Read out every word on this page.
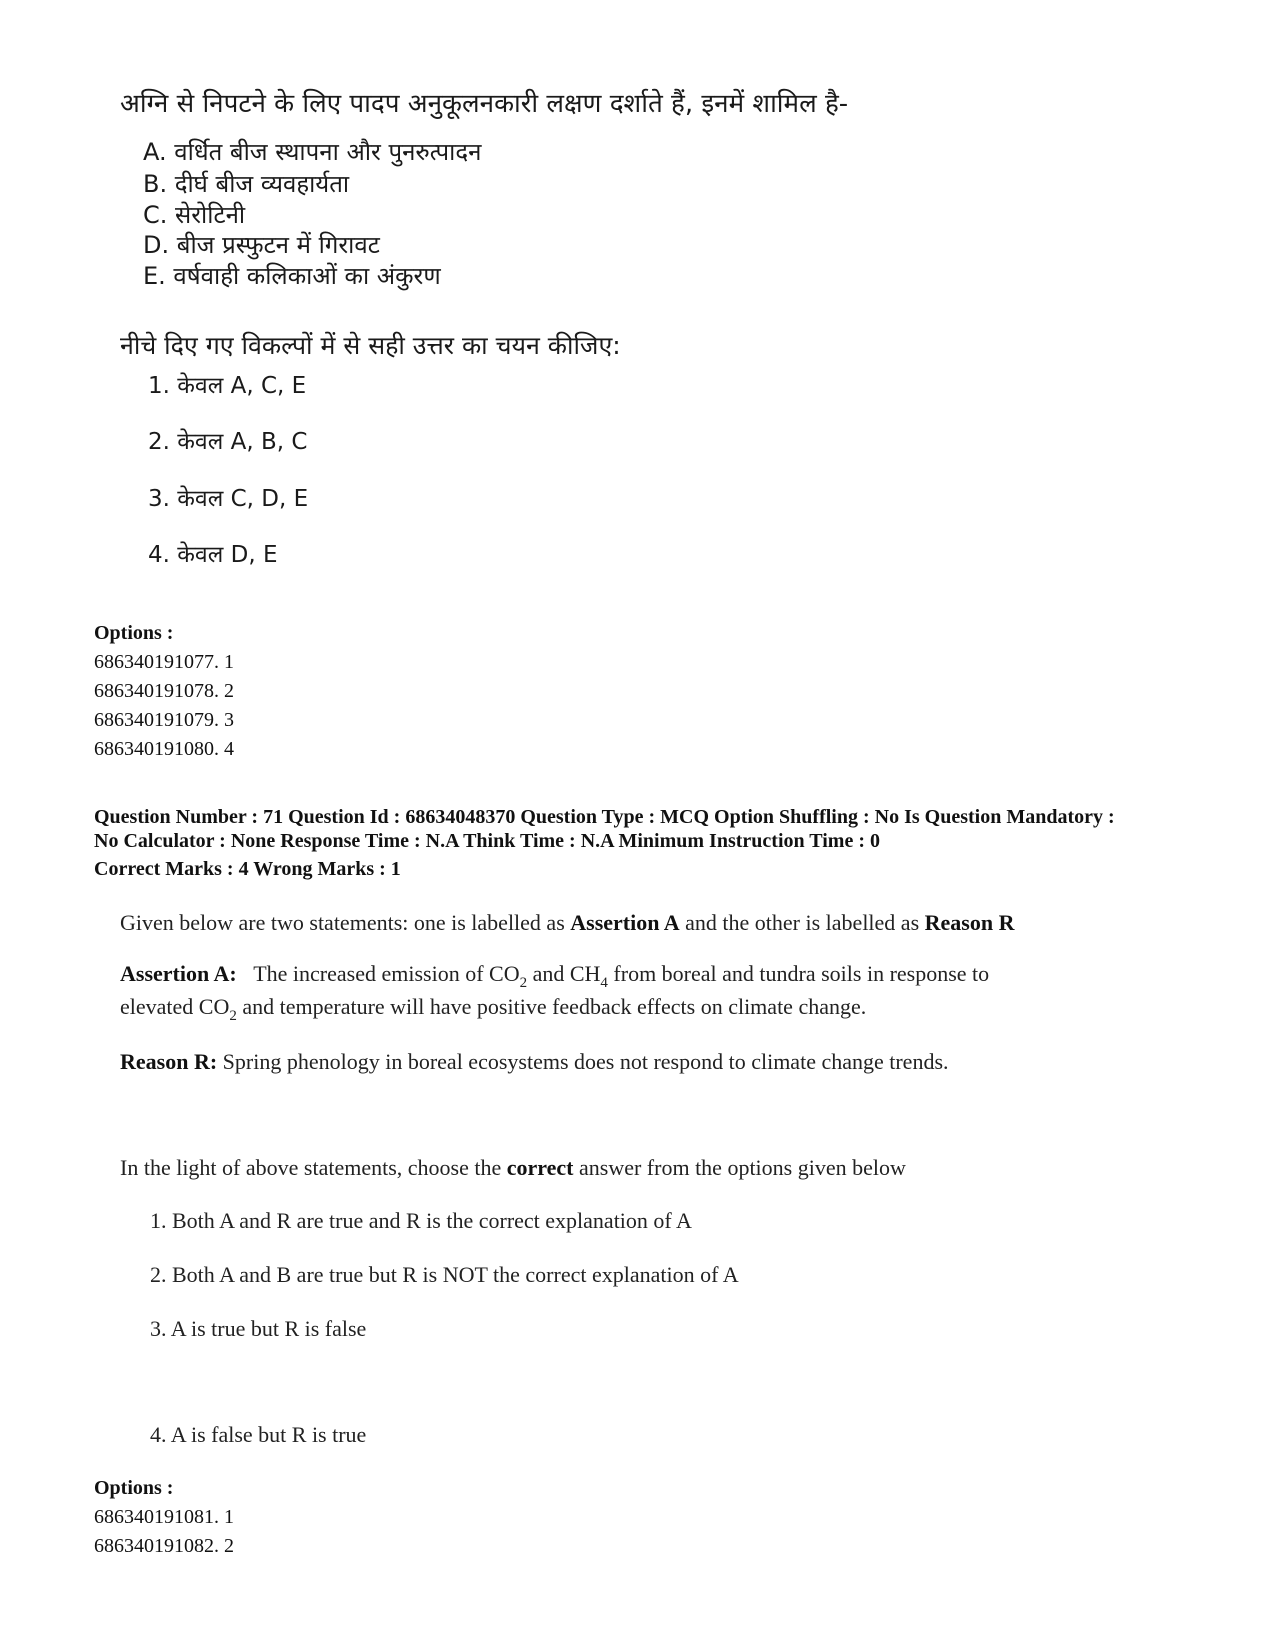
अग्नि से निपटने के लिए पादप अनुकूलनकारी लक्षण दर्शाते हैं, इनमें शामिल है-
A. वर्धित बीज स्थापना और पुनरुत्पादन
B. दीर्घ बीज व्यवहार्यता
C. सेरोटिनी
D. बीज प्रस्फुटन में गिरावट
E. वर्षवाही कलिकाओं का अंकुरण
नीचे दिए गए विकल्पों में से सही उत्तर का चयन कीजिए:
1. केवल A, C, E
2. केवल A, B, C
3. केवल C, D, E
4. केवल D, E
Options :
686340191077. 1
686340191078. 2
686340191079. 3
686340191080. 4
Question Number : 71 Question Id : 68634048370 Question Type : MCQ Option Shuffling : No Is Question Mandatory :
No Calculator : None Response Time : N.A Think Time : N.A Minimum Instruction Time : 0
Correct Marks : 4 Wrong Marks : 1
Given below are two statements: one is labelled as Assertion A and the other is labelled as Reason R
Assertion A: The increased emission of $CO_2$ and $CH_4$ from boreal and tundra soils in response to
elevated $CO_2$ and temperature will have positive feedback effects on climate change.
Reason R: Spring phenology in boreal ecosystems does not respond to climate change trends.
In the light of above statements, choose the correct answer from the options given below
1. Both A and R are true and R is the correct explanation of A
2. Both A and B are true but R is NOT the correct explanation of A
3. A is true but R is false
4. A is false but R is true
Options :
686340191081. 1
686340191082. 2
